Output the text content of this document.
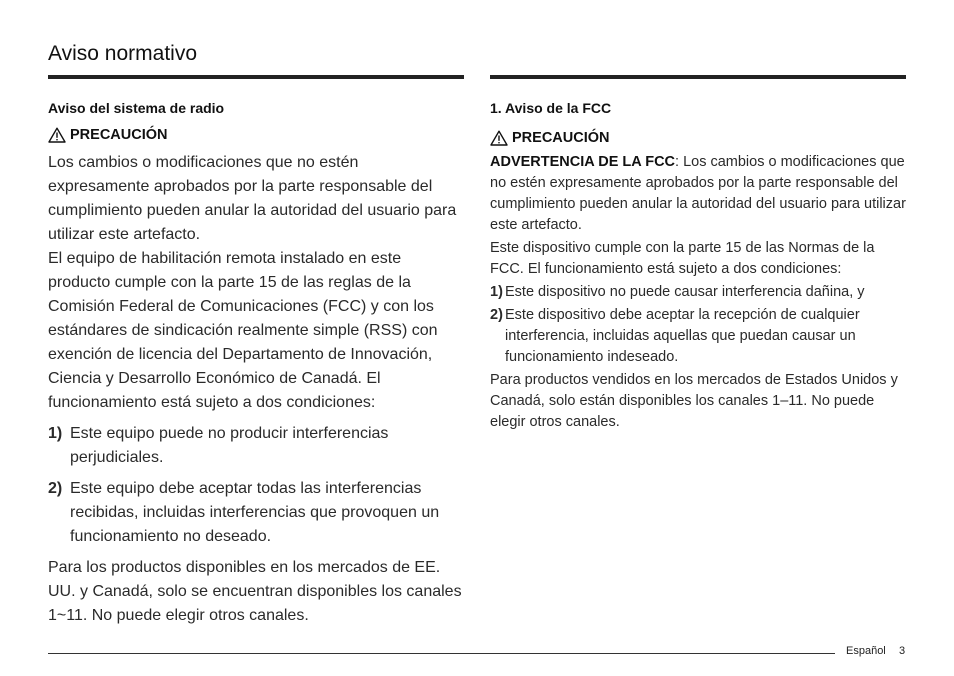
Aviso normativo

Aviso del sistema de radio

PRECAUCIÓN

Los cambios o modificaciones que no estén expresamente aprobados por la parte responsable del cumplimiento pueden anular la autoridad del usuario para utilizar este artefacto.

El equipo de habilitación remota instalado en este producto cumple con la parte 15 de las reglas de la Comisión Federal de Comunicaciones (FCC) y con los estándares de sindicación realmente simple (RSS) con exención de licencia del Departamento de Innovación, Ciencia y Desarrollo Económico de Canadá. El funcionamiento está sujeto a dos condiciones:

1) Este equipo puede no producir interferencias perjudiciales.
2) Este equipo debe aceptar todas las interferencias recibidas, incluidas interferencias que provoquen un funcionamiento no deseado.

Para los productos disponibles en los mercados de EE. UU. y Canadá, solo se encuentran disponibles los canales 1~11. No puede elegir otros canales.

1. Aviso de la FCC

PRECAUCIÓN

ADVERTENCIA DE LA FCC: Los cambios o modificaciones que no estén expresamente aprobados por la parte responsable del cumplimiento pueden anular la autoridad del usuario para utilizar este artefacto.

Este dispositivo cumple con la parte 15 de las Normas de la FCC. El funcionamiento está sujeto a dos condiciones:

1) Este dispositivo no puede causar interferencia dañina, y
2) Este dispositivo debe aceptar la recepción de cualquier interferencia, incluidas aquellas que puedan causar un funcionamiento indeseado.

Para productos vendidos en los mercados de Estados Unidos y Canadá, solo están disponibles los canales 1–11. No puede elegir otros canales.

Español 3
